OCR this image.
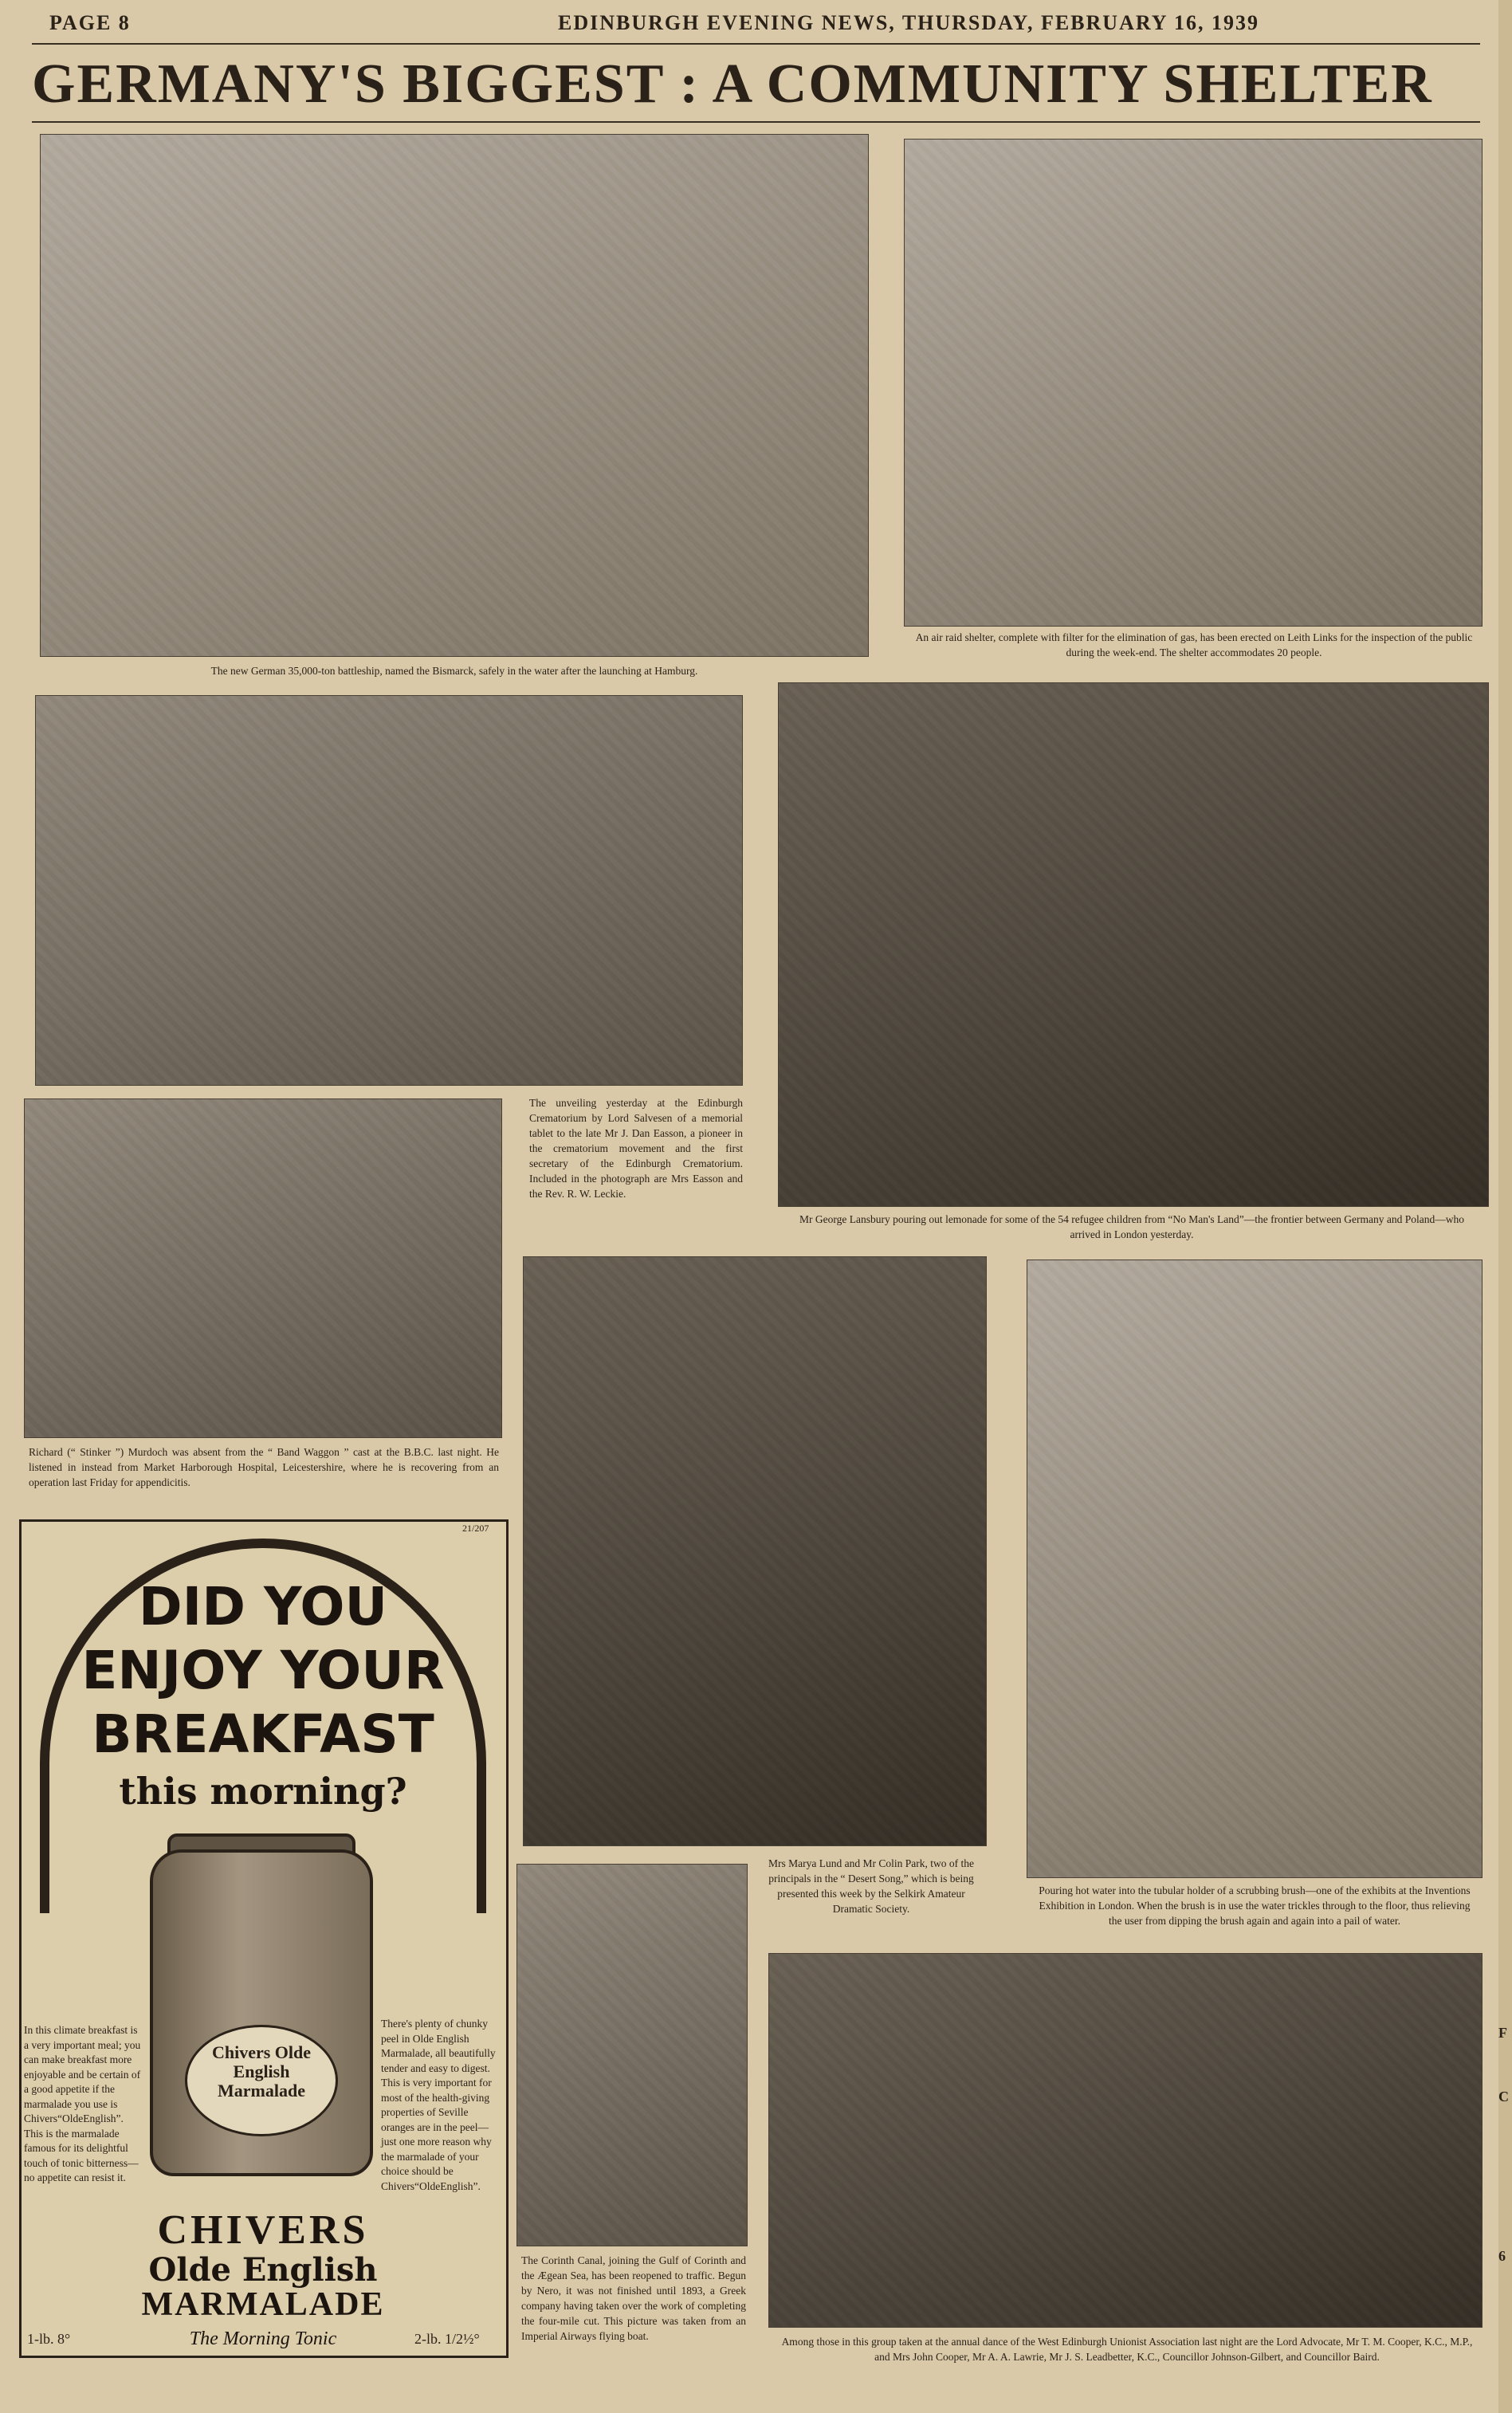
PAGE 8	EDINBURGH EVENING NEWS, THURSDAY, FEBRUARY 16, 1939
GERMANY'S BIGGEST : A COMMUNITY SHELTER
The new German 35,000-ton battleship, named the Bismarck, safely in the water after the launching at Hamburg.
An air raid shelter, complete with filter for the elimination of gas, has been erected on Leith Links for the inspection of the public during the week-end. The shelter accommodates 20 people.
The unveiling yesterday at the Edinburgh Crematorium by Lord Salvesen of a memorial tablet to the late Mr J. Dan Easson, a pioneer in the crematorium movement and the first secretary of the Edinburgh Crematorium. Included in the photograph are Mrs Easson and the Rev. R. W. Leckie.
Mr George Lansbury pouring out lemonade for some of the 54 refugee children from “No Man's Land”—the frontier between Germany and Poland—who arrived in London yesterday.
Richard (“ Stinker ”) Murdoch was absent from the “ Band Waggon ” cast at the B.B.C. last night. He listened in instead from Market Harborough Hospital, Leicestershire, where he is recovering from an operation last Friday for appendicitis.
Mrs Marya Lund and Mr Colin Park, two of the principals in the “ Desert Song,” which is being presented this week by the Selkirk Amateur Dramatic Society.
Pouring hot water into the tubular holder of a scrubbing brush—one of the exhibits at the Inventions Exhibition in London. When the brush is in use the water trickles through to the floor, thus relieving the user from dipping the brush again and again into a pail of water.
The Corinth Canal, joining the Gulf of Corinth and the Ægean Sea, has been reopened to traffic. Begun by Nero, it was not finished until 1893, a Greek company having taken over the work of completing the four-mile cut. This picture was taken from an Imperial Airways flying boat.	Among those in this group taken at the annual dance of the West Edinburgh Unionist Association last night are the Lord Advocate, Mr T. M. Cooper, K.C., M.P., and Mrs John Cooper, Mr A. A. Lawrie, Mr J. S. Leadbetter, K.C., Councillor Johnson-Gilbert, and Councillor Baird.
21/207
DID YOU
ENJOY YOUR
BREAKFAST
this morning?
Chivers Olde English Marmalade
In this climate breakfast is a very important meal; you can make breakfast more enjoyable and be certain of a good appetite if the marmalade you use is Chivers“OldeEnglish”. This is the marmalade famous for its delightful touch of tonic bitterness—no appetite can resist it.
There's plenty of chunky peel in Olde English Marmalade, all beautifully tender and easy to digest. This is very important for most of the health-giving properties of Seville oranges are in the peel—just one more reason why the marmalade of your choice should be Chivers“OldeEnglish”.
CHIVERS
Olde English
MARMALADE
The Morning Tonic
1-lb. 8°	2-lb. 1/2½°
F
C
6
